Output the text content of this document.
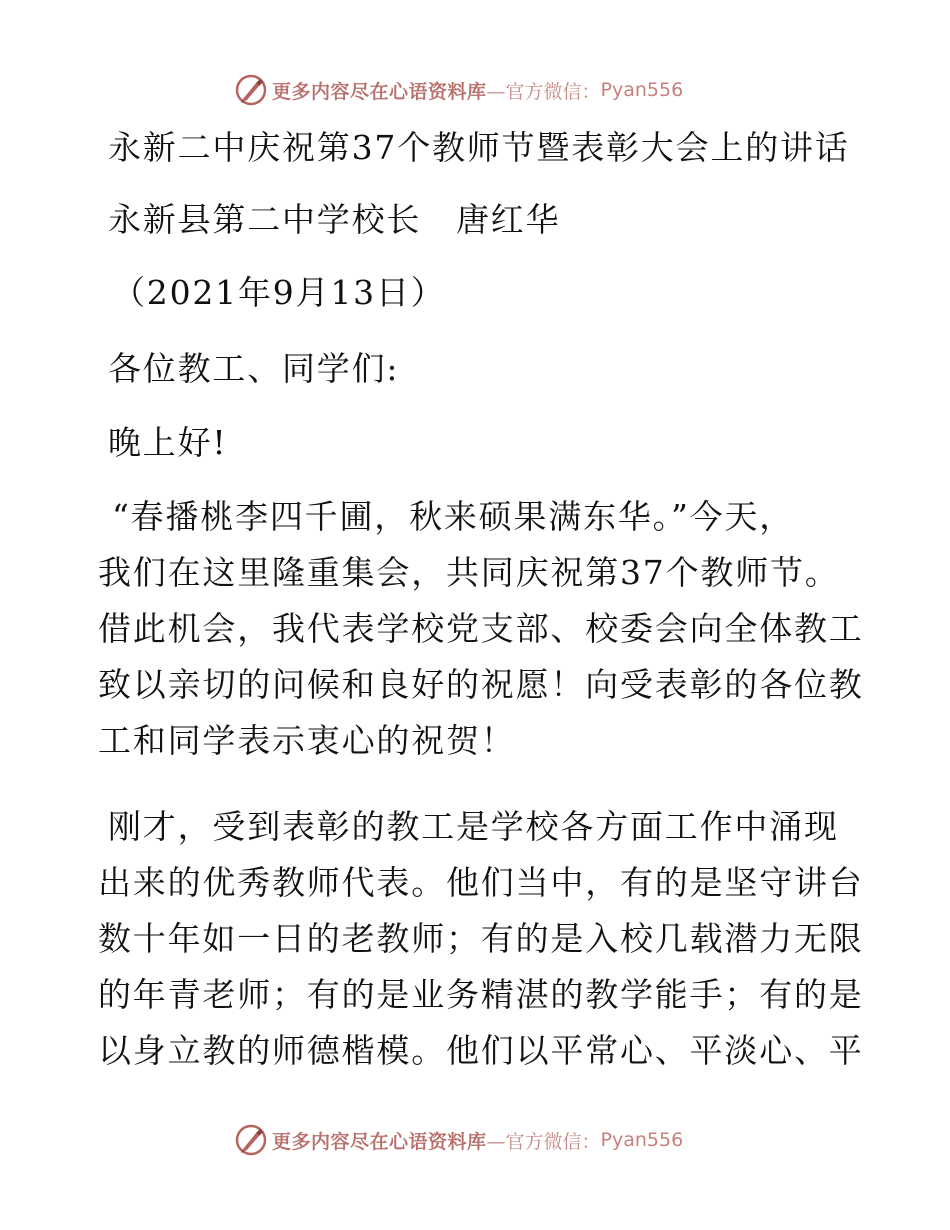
更多内容尽在心语资料库 —官方微信： Pyan556
永新二中庆祝第37个教师节暨表彰大会上的讲话
永新县第二中学校长　唐红华
（2021年9月13日）
各位教工、同学们:
晚上好!
“春播桃李四千圃，秋来硕果满东华。”今天，
我们在这里隆重集会，共同庆祝第37个教师节。
借此机会，我代表学校党支部、校委会向全体教工
致以亲切的问候和良好的祝愿！向受表彰的各位教
工和同学表示衷心的祝贺！
刚才，受到表彰的教工是学校各方面工作中涌现
出来的优秀教师代表。他们当中，有的是坚守讲台
数十年如一日的老教师；有的是入校几载潜力无限
的年青老师；有的是业务精湛的教学能手；有的是
以身立教的师德楷模。他们以平常心、平淡心、平
更多内容尽在心语资料库 —官方微信： Pyan556
